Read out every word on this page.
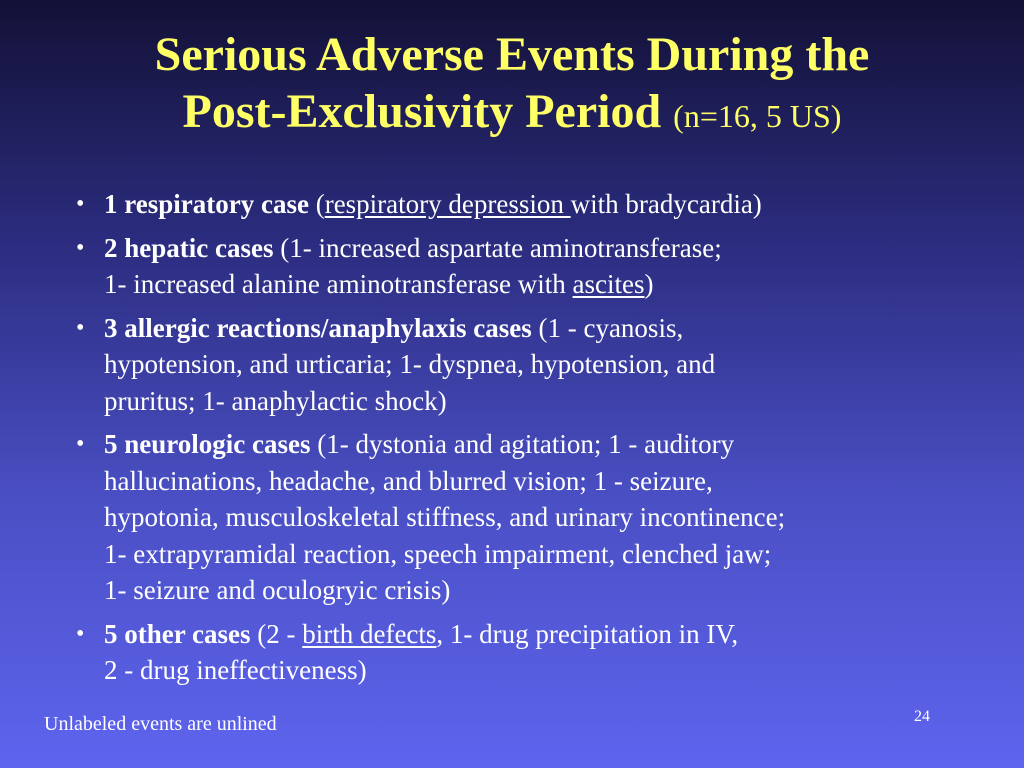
Serious Adverse Events During the
Post-Exclusivity Period (n=16, 5 US)
• 1 respiratory case (respiratory depression with bradycardia)
• 2 hepatic cases (1- increased aspartate aminotransferase;
1- increased alanine aminotransferase with ascites)
• 3 allergic reactions/anaphylaxis cases (1 - cyanosis,
hypotension, and urticaria; 1- dyspnea, hypotension, and
pruritus; 1- anaphylactic shock)
• 5 neurologic cases (1- dystonia and agitation; 1 - auditory
hallucinations, headache, and blurred vision; 1 - seizure,
hypotonia, musculoskeletal stiffness, and urinary incontinence;
1- extrapyramidal reaction, speech impairment, clenched jaw;
1- seizure and oculogryic crisis)
• 5 other cases (2 - birth defects, 1- drug precipitation in IV,
2 - drug ineffectiveness)
Unlabeled events are unlined	24
